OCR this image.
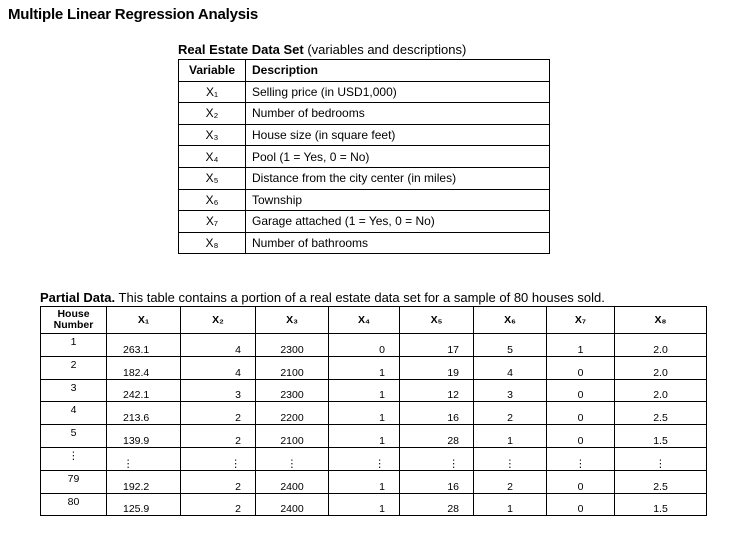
Multiple Linear Regression Analysis
Real Estate Data Set (variables and descriptions)
Variable	Description
X₁	Selling price (in USD1,000)
X₂	Number of bedrooms
X₃	House size (in square feet)
X₄	Pool (1 = Yes, 0 = No)
X₅	Distance from the city center (in miles)
X₆	Township
X₇	Garage attached (1 = Yes, 0 = No)
X₈	Number of bathrooms
Partial Data. This table contains a portion of a real estate data set for a sample of 80 houses sold.
House Number	X₁	X₂	X₃	X₄	X₅	X₆	X₇	X₈

1	263.1	4	2300	0	17	5	1	2.0

2	182.4	4	2100	1	19	4	0	2.0

3	242.1	3	2300	1	12	3	0	2.0

4	213.6	2	2200	1	16	2	0	2.5

5	139.9	2	2100	1	28	1	0	1.5

⋮	⋮	⋮	⋮	⋮	⋮	⋮	⋮	⋮

79	192.2	2	2400	1	16	2	0	2.5

80	125.9	2	2400	1	28	1	0	1.5
